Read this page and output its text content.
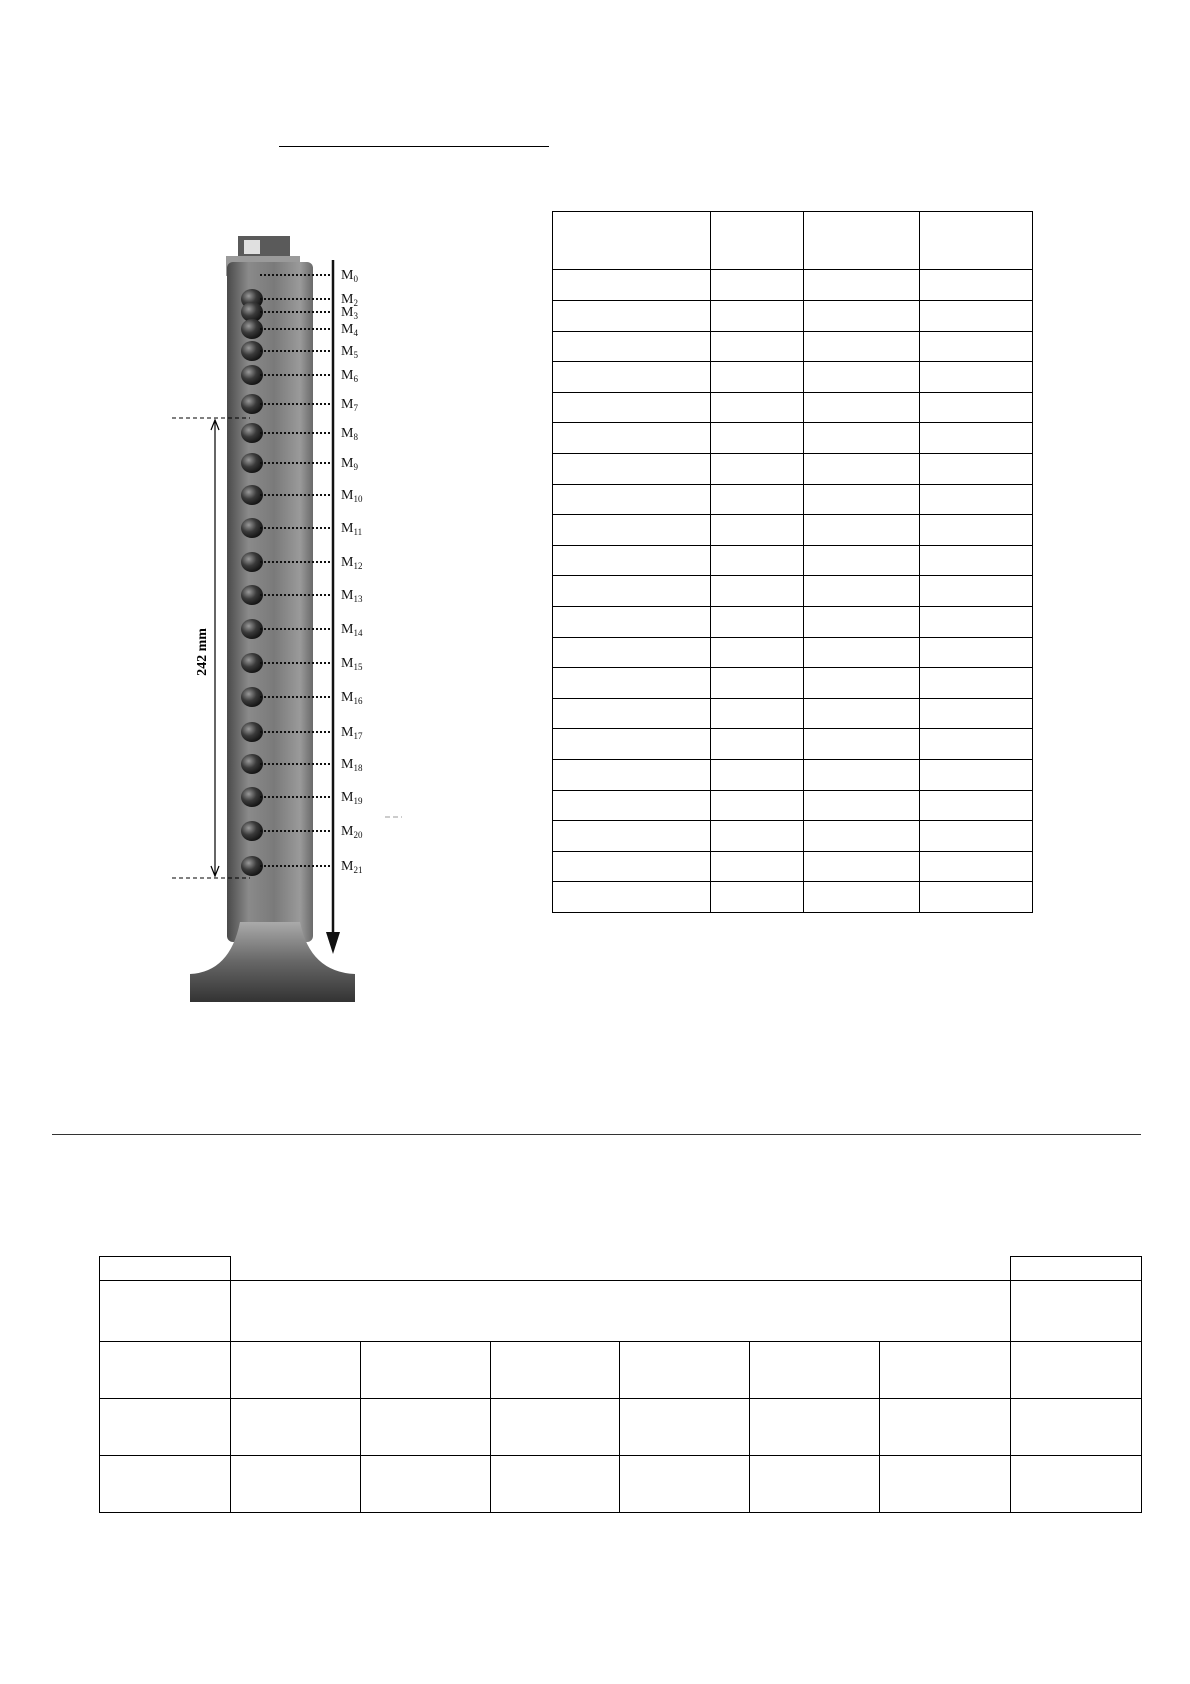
$M_0$
$M_2$
$M_3$
$M_4$
$M_5$
$M_6$
$M_7$
$M_8$
$M_9$
$M_{10}$
$M_{11}$
$M_{12}$
$M_{13}$
$M_{14}$
$M_{15}$
$M_{16}$
$M_{17}$
$M_{18}$
$M_{19}$
$M_{20}$
$M_{21}$
242 mm
